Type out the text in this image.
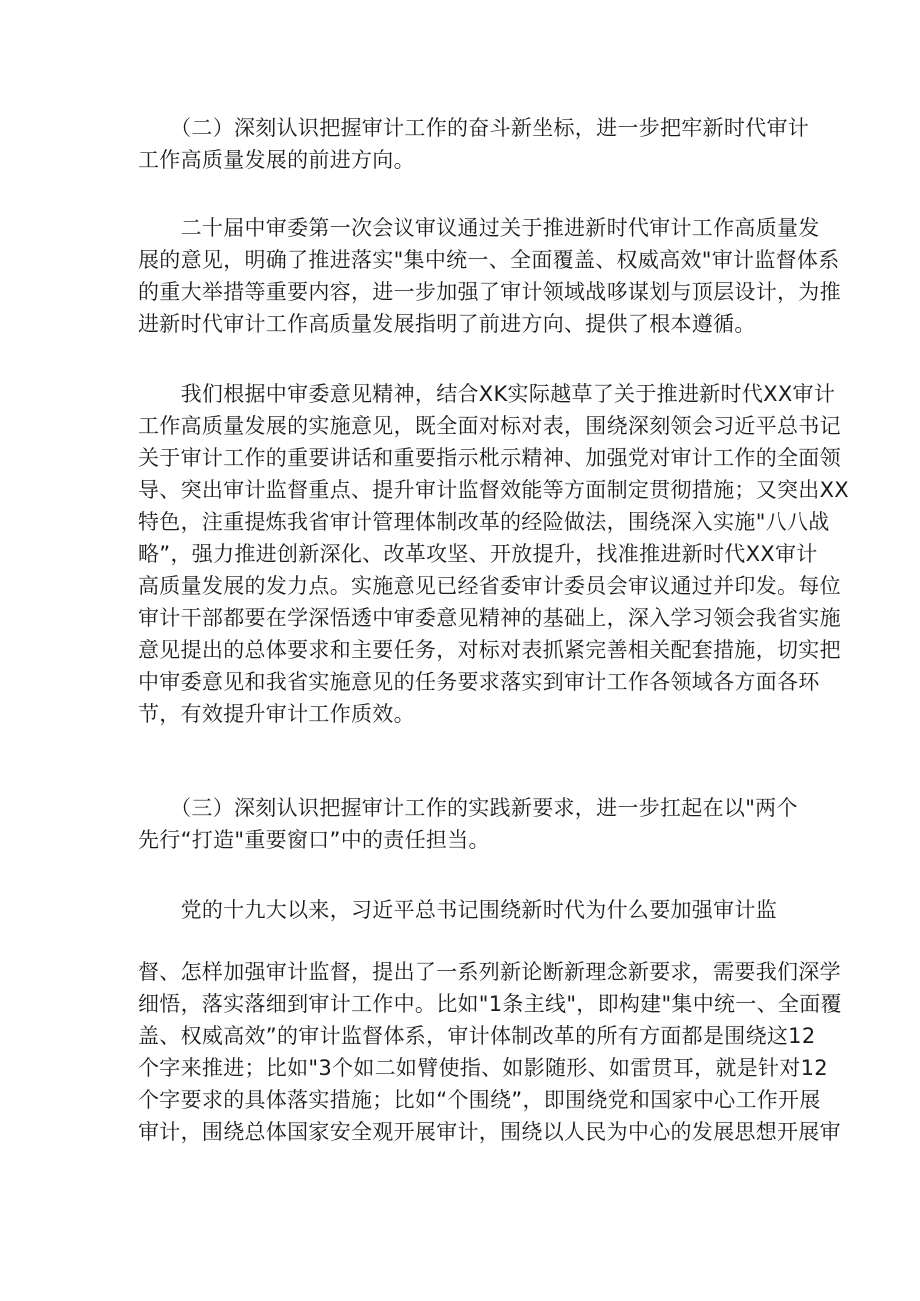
　　（二）深刻认识把握审计工作的奋斗新坐标，进一步把牢新时代审计
工作高质量发展的前进方向。

　　二十届中审委第一次会议审议通过关于推进新时代审计工作高质量发
展的意见，明确了推进落实"集中统一、全面覆盖、权威高效"审计监督体系
的重大举措等重要内容，进一步加强了审计领域战哆谋划与顶层设计，为推
进新时代审计工作高质量发展指明了前进方向、提供了根本遵循。

　　我们根据中审委意见精神，结合XK实际越草了关于推进新时代XX审计
工作高质量发展的实施意见，既全面对标对表，围绕深刻领会习近平总书记
关于审计工作的重要讲话和重要指示枇示精神、加强党对审计工作的全面领
导、突出审计监督重点、提升审计监督效能等方面制定贯彻措施；又突出XX
特色，注重提炼我省审计管理体制改革的经险做法，围绕深入实施"八八战
略”，强力推进创新深化、改革攻坚、开放提升，找准推进新时代XX审计
高质量发展的发力点。实施意见已经省委审计委员会审议通过并印发。每位
审计干部都要在学深悟透中审委意见精神的基础上，深入学习领会我省实施
意见提出的总体要求和主要任务，对标对表抓紧完善相关配套措施，切实把
中审委意见和我省实施意见的任务要求落实到审计工作各领域各方面各环
节，有效提升审计工作质效。

　　（三）深刻认识把握审计工作的实践新要求，进一步扛起在以"两个
先行“打造"重要窗口”中的责任担当。

　　党的十九大以来，习近平总书记围绕新时代为什么要加强审计监

督、怎样加强审计监督，提出了一系列新论断新理念新要求，需要我们深学
细悟，落实落细到审计工作中。比如"1条主线"，即构建"集中统一、全面覆
盖、权威高效”的审计监督体系，审计体制改革的所有方面都是围绕这12
个字来推进；比如"3个如二如臂使指、如影随形、如雷贯耳，就是针对12
个字要求的具体落实措施；比如“个围绕”，即围绕党和国家中心工作开展
审计，围绕总体国家安全观开展审计，围绕以人民为中心的发展思想开展审
